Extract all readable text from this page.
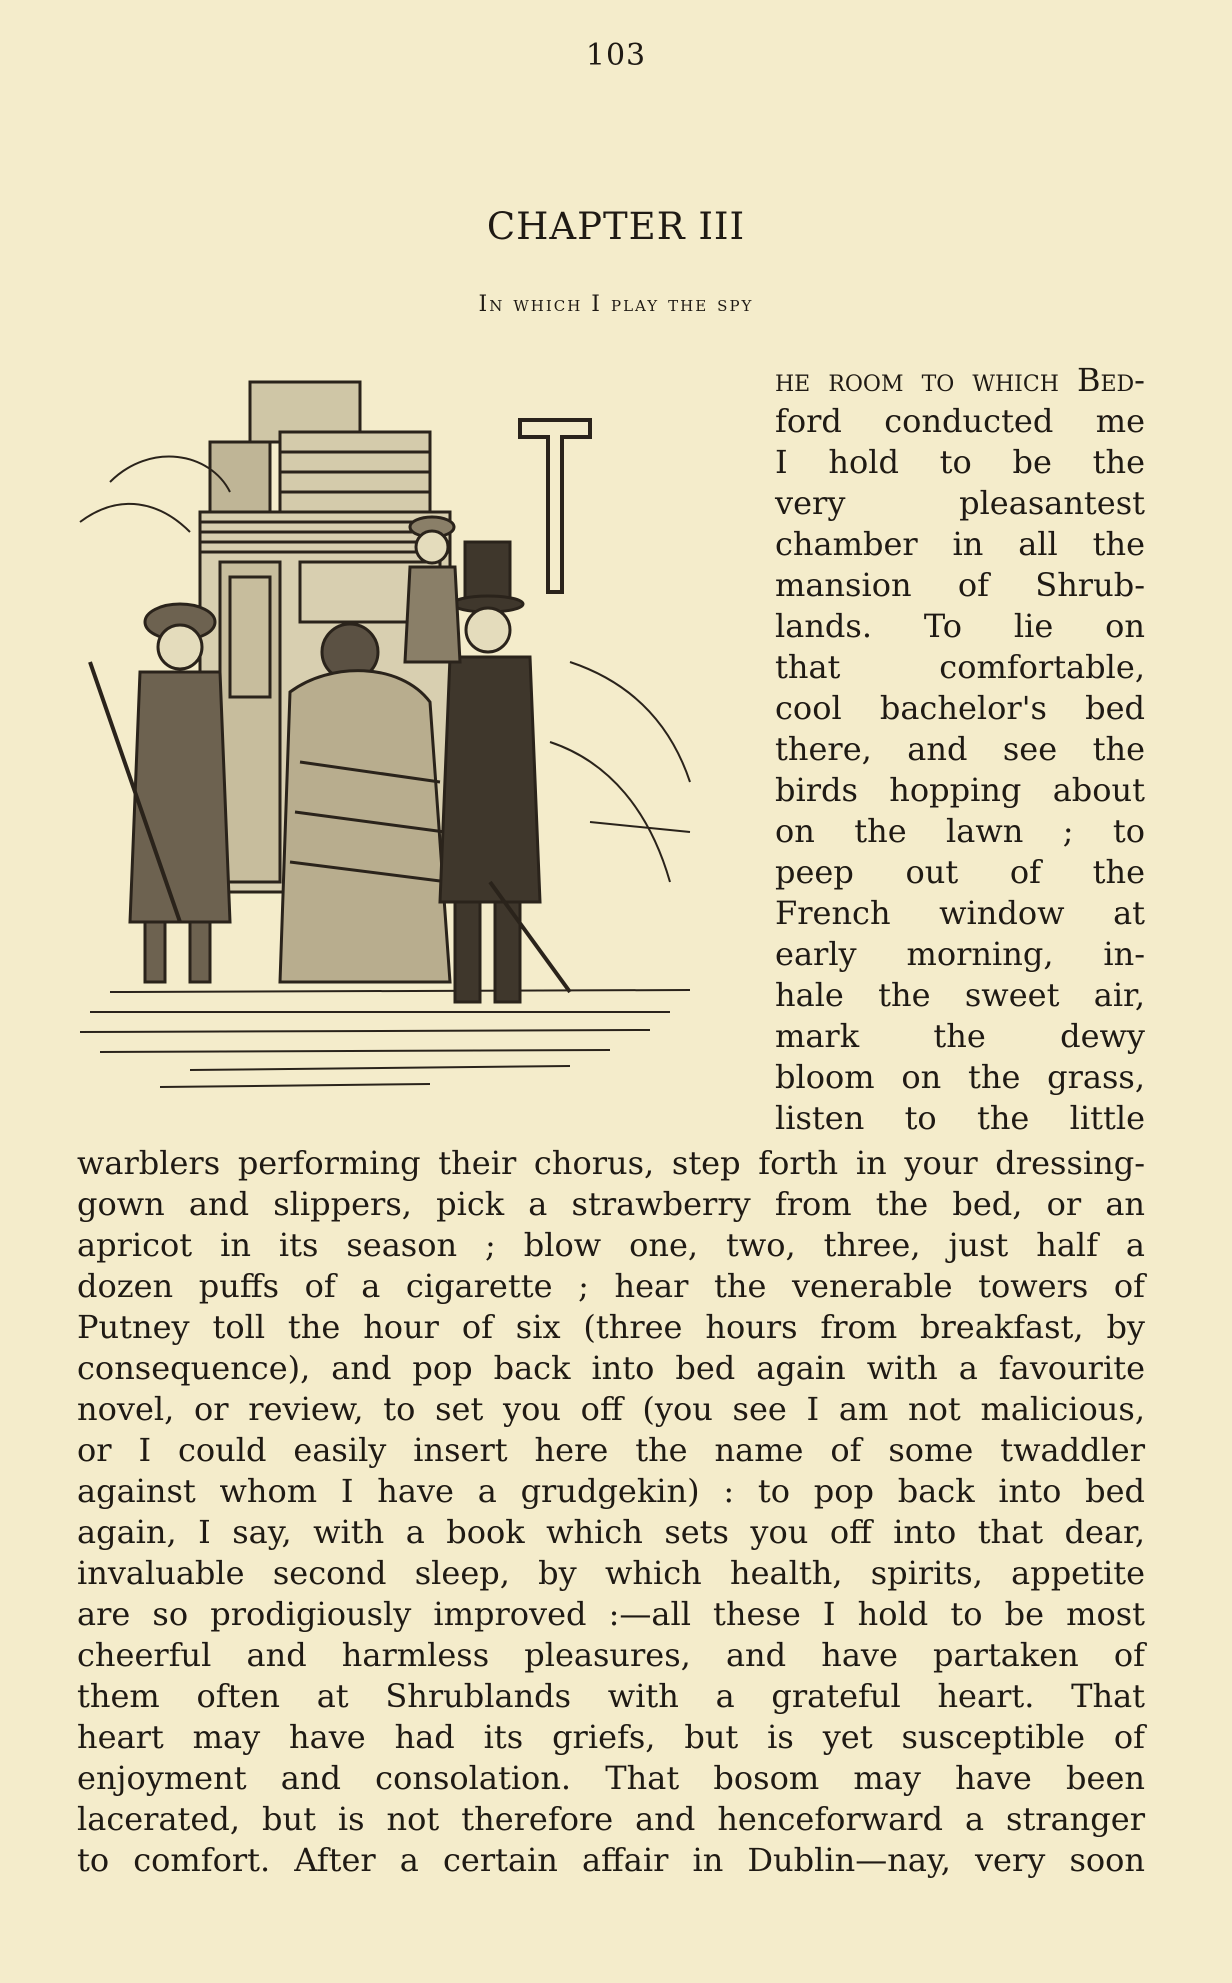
103
CHAPTER III
In which I play the spy
he room to which Bed-
ford conducted me
I hold to be the
very pleasantest
chamber in all the
mansion of Shrub-
lands. To lie on
that comfortable,
cool bachelor's bed
there, and see the
birds hopping about
on the lawn ; to
peep out of the
French window at
early morning, in-
hale the sweet air,
mark the dewy
bloom on the grass,
listen to the little
warblers performing their chorus, step forth in your dressing-
gown and slippers, pick a strawberry from the bed, or an
apricot in its season ; blow one, two, three, just half a
dozen puffs of a cigarette ; hear the venerable towers of
Putney toll the hour of six (three hours from breakfast, by
consequence), and pop back into bed again with a favourite
novel, or review, to set you off (you see I am not malicious,
or I could easily insert here the name of some twaddler
against whom I have a grudgekin) : to pop back into bed
again, I say, with a book which sets you off into that dear,
invaluable second sleep, by which health, spirits, appetite
are so prodigiously improved :—all these I hold to be most
cheerful and harmless pleasures, and have partaken of
them often at Shrublands with a grateful heart. That
heart may have had its griefs, but is yet susceptible of
enjoyment and consolation. That bosom may have been
lacerated, but is not therefore and henceforward a stranger
to comfort. After a certain affair in Dublin—nay, very soon
